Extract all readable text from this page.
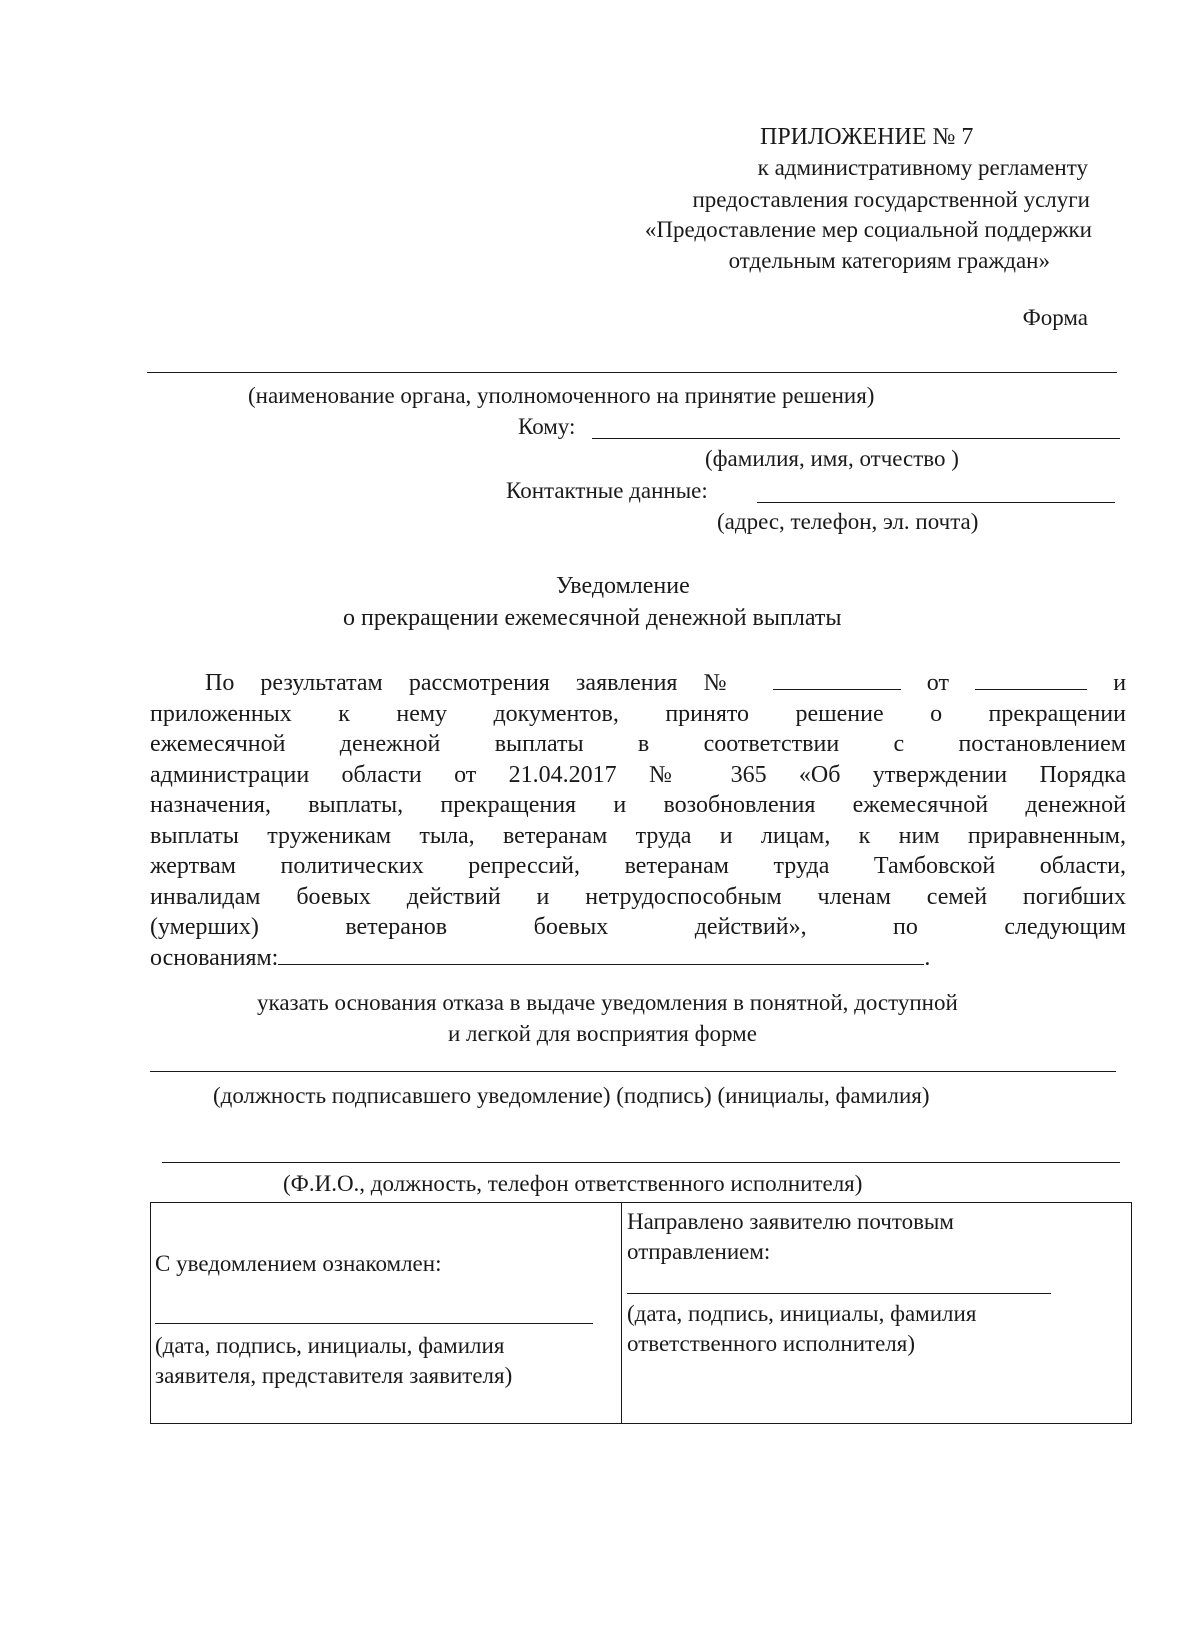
ПРИЛОЖЕНИЕ № 7
к административному регламенту
предоставления государственной услуги
«Предоставление мер социальной поддержки
отдельным категориям граждан»
Форма
(наименование органа, уполномоченного на принятие решения)
Кому:
(фамилия, имя, отчество )
Контактные данные:
(адрес, телефон, эл. почта)
Уведомление
о прекращении ежемесячной денежной выплаты
По результатам рассмотрения заявления №	от	и
приложенных к нему документов, принято решение о прекращении
ежемесячной денежной выплаты в соответствии с постановлением
администрации области от 21.04.2017 № 365 «Об утверждении Порядка
назначения, выплаты, прекращения и возобновления ежемесячной денежной
выплаты труженикам тыла, ветеранам труда и лицам, к ним приравненным,
жертвам политических репрессий, ветеранам труда Тамбовской области,
инвалидам боевых действий и нетрудоспособным членам семей погибших
(умерших) ветеранов боевых действий», по следующим
основаниям:	.
указать основания отказа в выдаче уведомления в понятной, доступной
и легкой для восприятия форме
(должность подписавшего уведомление) (подпись) (инициалы, фамилия)
(Ф.И.О., должность, телефон ответственного исполнителя)
С уведомлением ознакомлен:
(дата, подпись, инициалы, фамилия
заявителя, представителя заявителя)
Направлено заявителю почтовым
отправлением:
(дата, подпись, инициалы, фамилия
ответственного исполнителя)
